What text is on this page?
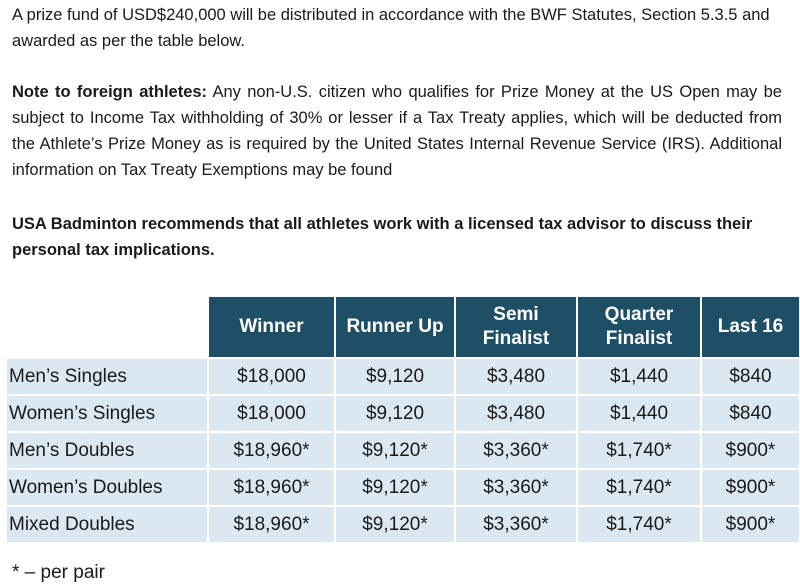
A prize fund of USD$240,000 will be distributed in accordance with the BWF Statutes, Section 5.3.5 and awarded as per the table below.

Note to foreign athletes: Any non-U.S. citizen who qualifies for Prize Money at the US Open may be subject to Income Tax withholding of 30% or lesser if a Tax Treaty applies, which will be deducted from the Athlete’s Prize Money as is required by the United States Internal Revenue Service (IRS). Additional information on Tax Treaty Exemptions may be found

USA Badminton recommends that all athletes work with a licensed tax advisor to discuss their personal tax implications.

	Winner	Runner Up	Semi Finalist	Quarter Finalist	Last 16
Men’s Singles	$18,000	$9,120	$3,480	$1,440	$840
Women’s Singles	$18,000	$9,120	$3,480	$1,440	$840
Men’s Doubles	$18,960*	$9,120*	$3,360*	$1,740*	$900*
Women’s Doubles	$18,960*	$9,120*	$3,360*	$1,740*	$900*
Mixed Doubles	$18,960*	$9,120*	$3,360*	$1,740*	$900*
* – per pair
